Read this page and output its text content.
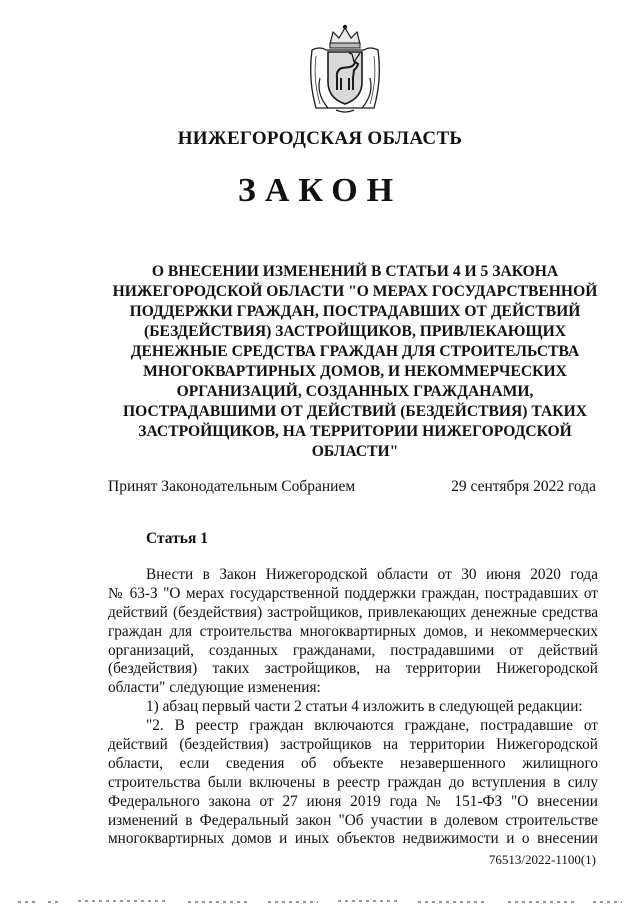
НИЖЕГОРОДСКАЯ ОБЛАСТЬ
ЗАКОН
О ВНЕСЕНИИ ИЗМЕНЕНИЙ В СТАТЬИ 4 И 5 ЗАКОНА
НИЖЕГОРОДСКОЙ ОБЛАСТИ "О МЕРАХ ГОСУДАРСТВЕННОЙ
ПОДДЕРЖКИ ГРАЖДАН, ПОСТРАДАВШИХ ОТ ДЕЙСТВИЙ
(БЕЗДЕЙСТВИЯ) ЗАСТРОЙЩИКОВ, ПРИВЛЕКАЮЩИХ
ДЕНЕЖНЫЕ СРЕДСТВА ГРАЖДАН ДЛЯ СТРОИТЕЛЬСТВА
МНОГОКВАРТИРНЫХ ДОМОВ, И НЕКОММЕРЧЕСКИХ
ОРГАНИЗАЦИЙ, СОЗДАННЫХ ГРАЖДАНАМИ,
ПОСТРАДАВШИМИ ОТ ДЕЙСТВИЙ (БЕЗДЕЙСТВИЯ) ТАКИХ
ЗАСТРОЙЩИКОВ, НА ТЕРРИТОРИИ НИЖЕГОРОДСКОЙ
ОБЛАСТИ"
Принят Законодательным Собранием	29 сентября 2022 года
Статья 1
Внести в Закон Нижегородской области от 30 июня 2020 года
№ 63-З "О мерах государственной поддержки граждан, пострадавших от
действий (бездействия) застройщиков, привлекающих денежные средства
граждан для строительства многоквартирных домов, и некоммерческих
организаций, созданных гражданами, пострадавшими от действий
(бездействия) таких застройщиков, на территории Нижегородской
области" следующие изменения:
1) абзац первый части 2 статьи 4 изложить в следующей редакции:
"2. В реестр граждан включаются граждане, пострадавшие от
действий (бездействия) застройщиков на территории Нижегородской
области, если сведения об объекте незавершенного жилищного
строительства были включены в реестр граждан до вступления в силу
Федерального закона от 27 июня 2019 года № 151-ФЗ "О внесении
изменений в Федеральный закон "Об участии в долевом строительстве
многоквартирных домов и иных объектов недвижимости и о внесении
76513/2022-1100(1)
